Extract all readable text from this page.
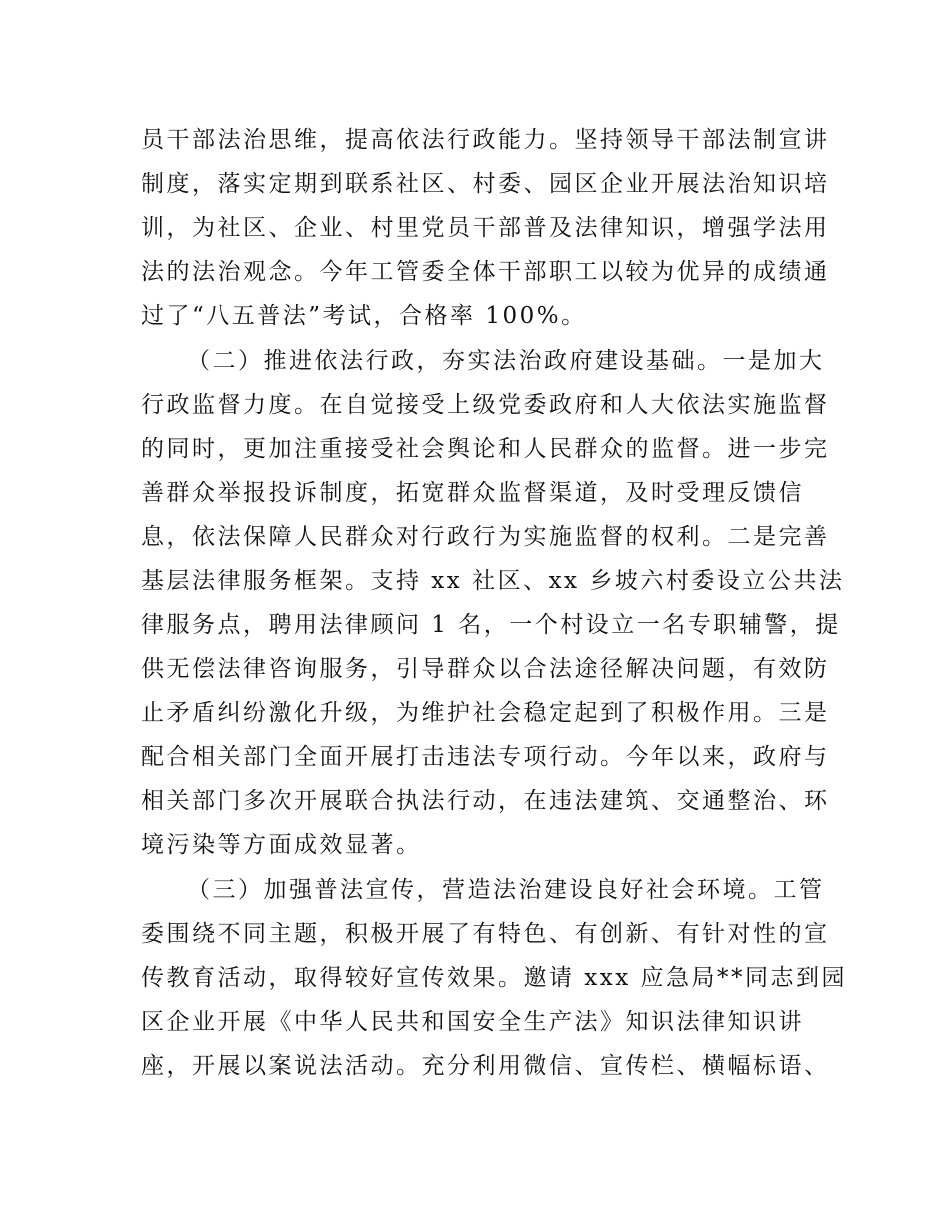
员干部法治思维，提高依法行政能力。坚持领导干部法制宣讲
制度，落实定期到联系社区、村委、园区企业开展法治知识培
训，为社区、企业、村里党员干部普及法律知识，增强学法用
法的法治观念。今年工管委全体干部职工以较为优异的成绩通
过了“八五普法”考试，合格率 100%。
（二）推进依法行政，夯实法治政府建设基础。一是加大
行政监督力度。在自觉接受上级党委政府和人大依法实施监督
的同时，更加注重接受社会舆论和人民群众的监督。进一步完
善群众举报投诉制度，拓宽群众监督渠道，及时受理反馈信
息，依法保障人民群众对行政行为实施监督的权利。二是完善
基层法律服务框架。支持 xx 社区、xx 乡坡六村委设立公共法
律服务点，聘用法律顾问 1 名，一个村设立一名专职辅警，提
供无偿法律咨询服务，引导群众以合法途径解决问题，有效防
止矛盾纠纷激化升级，为维护社会稳定起到了积极作用。三是
配合相关部门全面开展打击违法专项行动。今年以来，政府与
相关部门多次开展联合执法行动，在违法建筑、交通整治、环
境污染等方面成效显著。
（三）加强普法宣传，营造法治建设良好社会环境。工管
委围绕不同主题，积极开展了有特色、有创新、有针对性的宣
传教育活动，取得较好宣传效果。邀请 xxx 应急局**同志到园
区企业开展《中华人民共和国安全生产法》知识法律知识讲
座，开展以案说法活动。充分利用微信、宣传栏、横幅标语、
